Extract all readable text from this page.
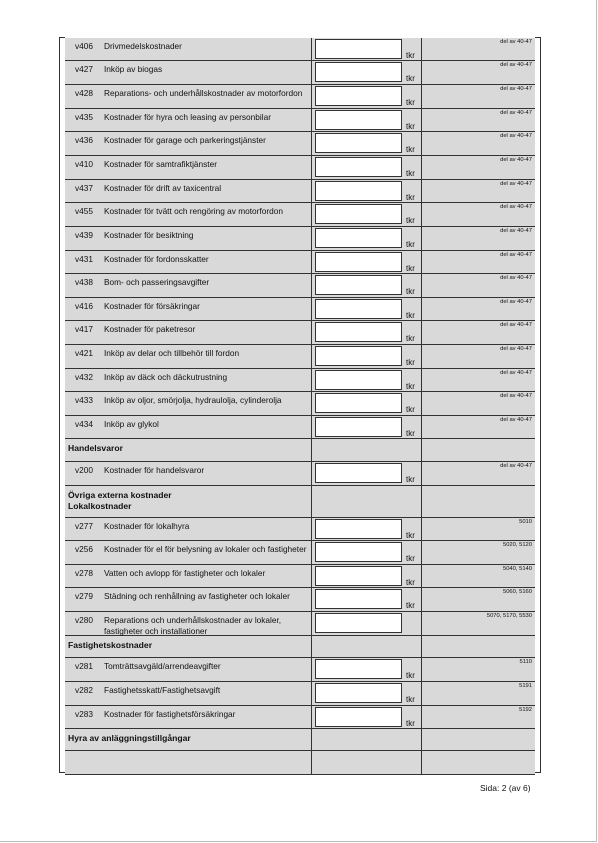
v406 Drivmedelskostnader
tkr
del av 40-47
v427 Inköp av biogas
tkr
del av 40-47
v428 Reparations- och underhållskostnader av motorfordon
tkr
del av 40-47
v435 Kostnader för hyra och leasing av personbilar
tkr
del av 40-47
v436 Kostnader för garage och parkeringstjänster
tkr
del av 40-47
v410 Kostnader för samtrafiktjänster
tkr
del av 40-47
v437 Kostnader för drift av taxicentral
tkr
del av 40-47
v455 Kostnader för tvätt och rengöring av motorfordon
tkr
del av 40-47
v439 Kostnader för besiktning
tkr
del av 40-47
v431 Kostnader för fordonsskatter
tkr
del av 40-47
v438 Bom- och passeringsavgifter
tkr
del av 40-47
v416 Kostnader för försäkringar
tkr
del av 40-47
v417 Kostnader för paketresor
tkr
del av 40-47
v421 Inköp av delar och tillbehör till fordon
tkr
del av 40-47
v432 Inköp av däck och däckutrustning
tkr
del av 40-47
v433 Inköp av oljor, smörjolja, hydraulolja, cylinderolja
tkr
del av 40-47
v434 Inköp av glykol
tkr
del av 40-47
Handelsvaror
v200 Kostnader för handelsvaror
tkr
del av 40-47
Övriga externa kostnader
Lokalkostnader
v277 Kostnader för lokalhyra
tkr
5010
v256 Kostnader för el för belysning av lokaler och fastigheter
tkr
5020, 5120
v278 Vatten och avlopp för fastigheter och lokaler
tkr
5040, 5140
v279 Städning och renhållning av fastigheter och lokaler
tkr
5060, 5160
v280 Reparations och underhållskostnader av lokaler, fastigheter och installationer
5070, 5170, 5530
Fastighetskostnader
v281 Tomträttsavgäld/arrendeavgifter
tkr
5110
v282 Fastighetsskatt/Fastighetsavgift
tkr
5191
v283 Kostnader för fastighetsförsäkringar
tkr
5192
Hyra av anläggningstillgångar
Sida: 2 (av 6)
